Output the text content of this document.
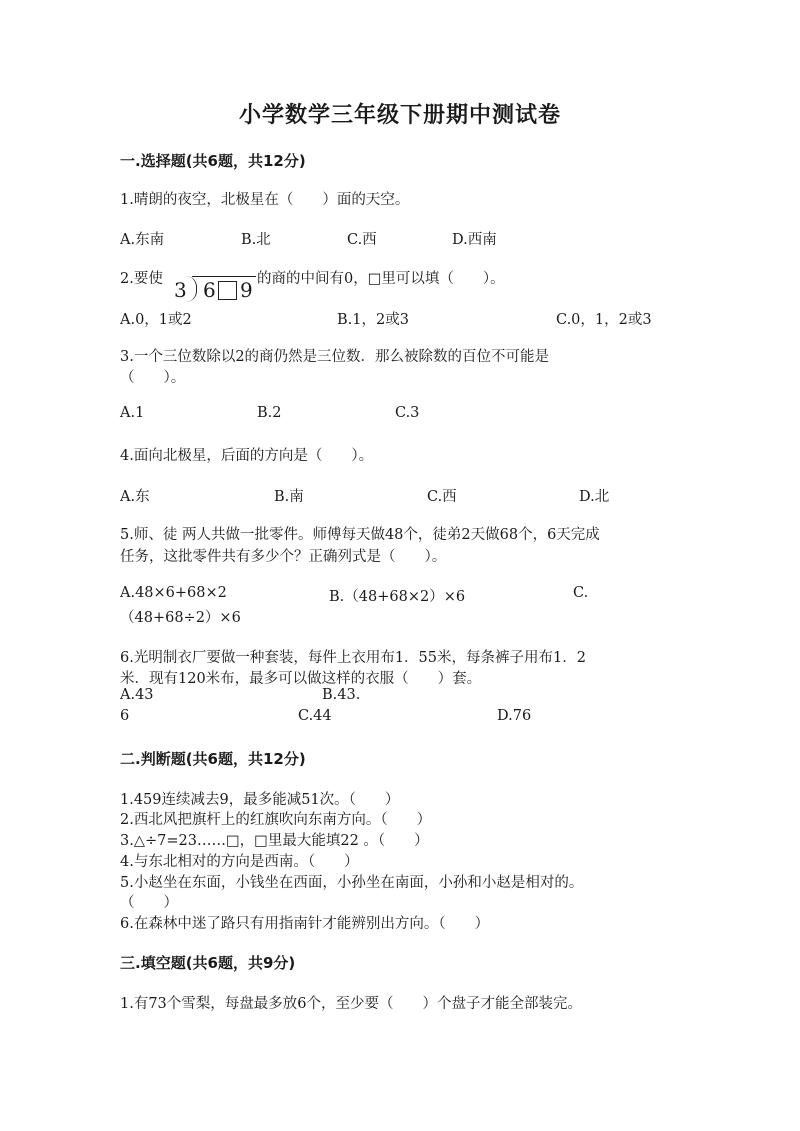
小学数学三年级下册期中测试卷
一.选择题(共6题，共12分)
1.晴朗的夜空，北极星在（　　）面的天空。
A.东南	B.北	C.西	D.西南
2.要使 3 6 9 的商的中间有0，□里可以填（　　）。
A.0，1或2	B.1，2或3	C.0，1，2或3
3.一个三位数除以2的商仍然是三位数．那么被除数的百位不可能是
（　　）。
A.1	B.2	C.3
4.面向北极星，后面的方向是（　　）。
A.东	B.南	C.西	D.北
5.师、徒 两人共做一批零件。师傅每天做48个，徒弟2天做68个，6天完成
任务，这批零件共有多少个？正确列式是（　　）。
A.48×6+68×2	B.（48+68×2）×6	C.
（48+68÷2）×6
6.光明制衣厂要做一种套装，每件上衣用布1．55米，每条裤子用布1．2
米．现有120米布，最多可以做这样的衣服（　　）套。
A.43	B.43.
6	C.44	D.76
二.判断题(共6题，共12分)
1.459连续减去9，最多能减51次。（　　）
2.西北风把旗杆上的红旗吹向东南方向。（　　）
3.△÷7=23……□，□里最大能填22 。（　　）
4.与东北相对的方向是西南。（　　）
5.小赵坐在东面，小钱坐在西面，小孙坐在南面，小孙和小赵是相对的。
（　　）
6.在森林中迷了路只有用指南针才能辨别出方向。（　　）
三.填空题(共6题，共9分)
1.有73个雪梨，每盘最多放6个，至少要（　　）个盘子才能全部装完。
